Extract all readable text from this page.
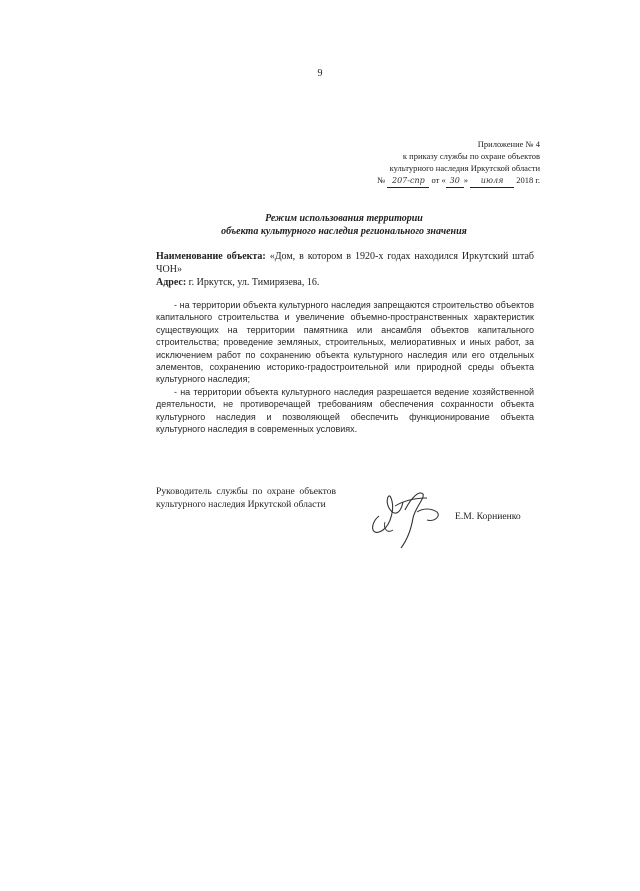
9
Приложение № 4
к приказу службы по охране объектов
культурного наследия Иркутской области
№ 207-спр от « 30 » июля 2018 г.
Режим использования территории
объекта культурного наследия регионального значения
Наименование объекта: «Дом, в котором в 1920-х годах находился Иркутский штаб ЧОН»
Адрес: г. Иркутск, ул. Тимирязева, 16.

- на территории объекта культурного наследия запрещаются строительство объектов капитального строительства и увеличение объемно-пространственных характеристик существующих на территории памятника или ансамбля объектов капитального строительства; проведение земляных, строительных, мелиоративных и иных работ, за исключением работ по сохранению объекта культурного наследия или его отдельных элементов, сохранению историко-градостроительной или природной среды объекта культурного наследия;

- на территории объекта культурного наследия разрешается ведение хозяйственной деятельности, не противоречащей требованиям обеспечения сохранности объекта культурного наследия и позволяющей обеспечить функционирование объекта культурного наследия в современных условиях.

Руководитель службы по охране объектов культурного наследия Иркутской области
Е.М. Корниенко
